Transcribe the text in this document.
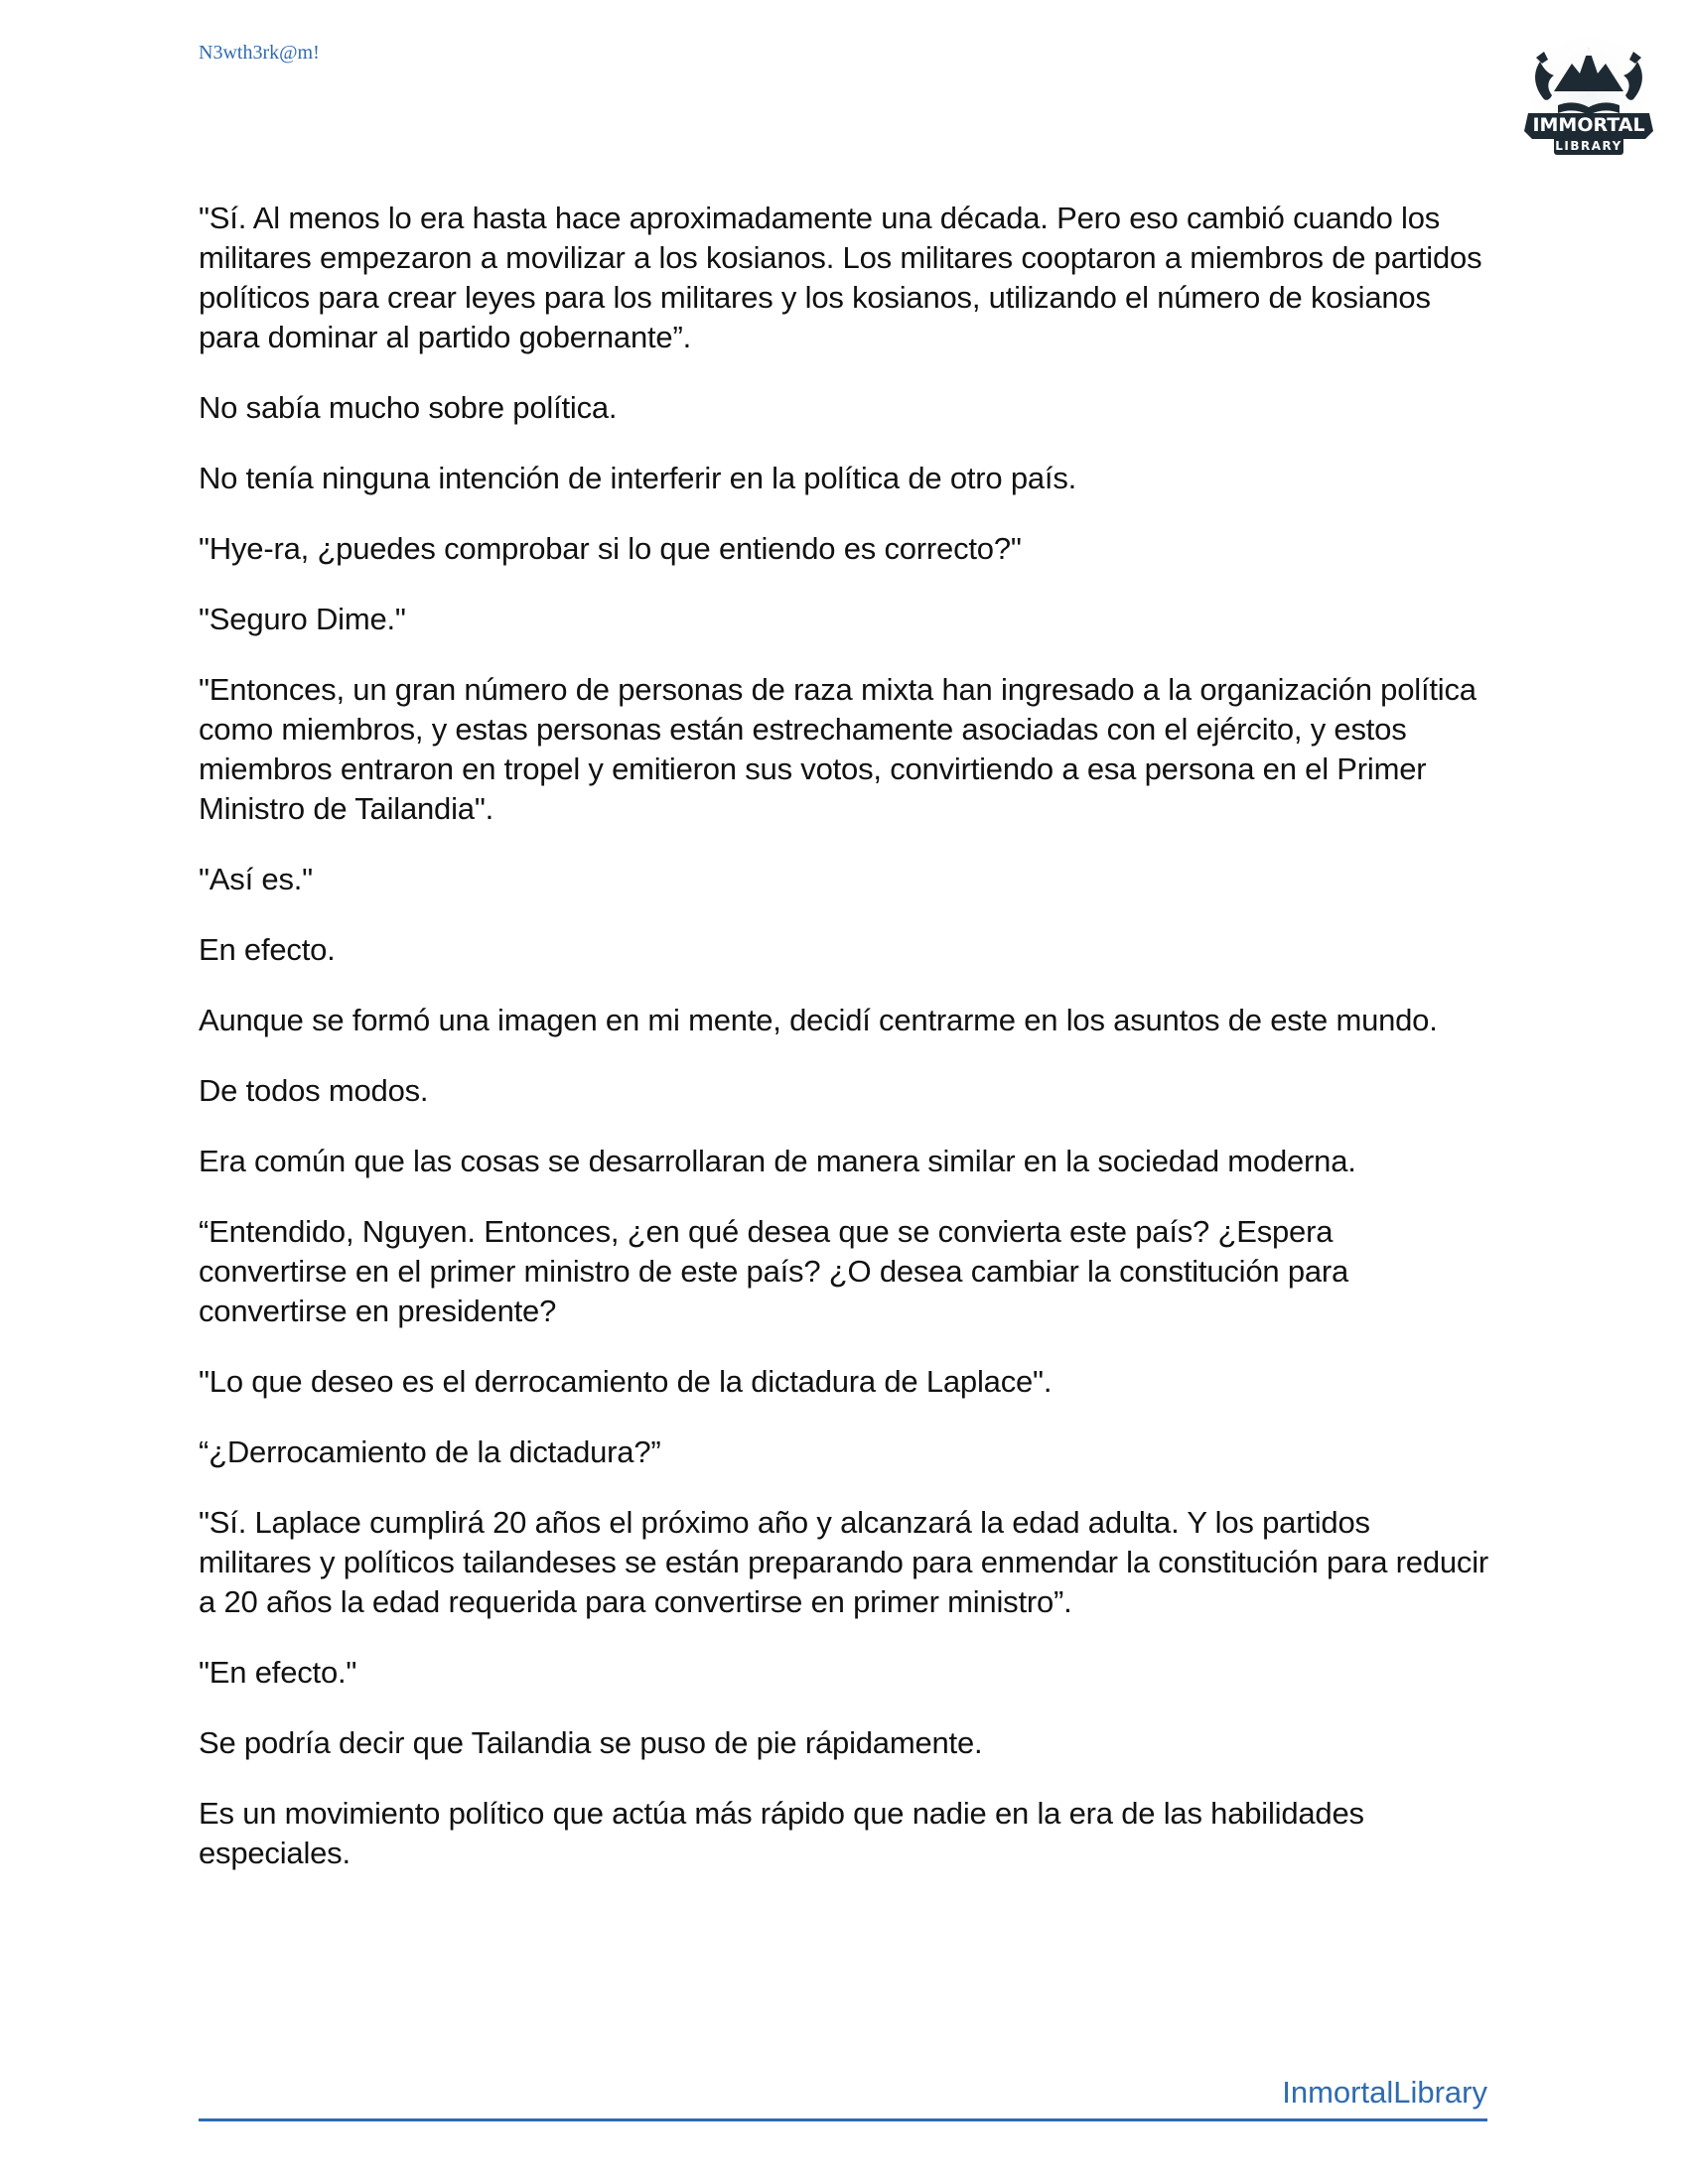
N3wth3rk@m!
IMMORTAL
LIBRARY

"Sí. Al menos lo era hasta hace aproximadamente una década. Pero eso cambió cuando los militares empezaron a movilizar a los kosianos. Los militares cooptaron a miembros de partidos políticos para crear leyes para los militares y los kosianos, utilizando el número de kosianos para dominar al partido gobernante”.

No sabía mucho sobre política.

No tenía ninguna intención de interferir en la política de otro país.

"Hye-ra, ¿puedes comprobar si lo que entiendo es correcto?"

"Seguro Dime."

"Entonces, un gran número de personas de raza mixta han ingresado a la organización política como miembros, y estas personas están estrechamente asociadas con el ejército, y estos miembros entraron en tropel y emitieron sus votos, convirtiendo a esa persona en el Primer Ministro de Tailandia".

"Así es."

En efecto.

Aunque se formó una imagen en mi mente, decidí centrarme en los asuntos de este mundo.

De todos modos.

Era común que las cosas se desarrollaran de manera similar en la sociedad moderna.

“Entendido, Nguyen. Entonces, ¿en qué desea que se convierta este país? ¿Espera convertirse en el primer ministro de este país? ¿O desea cambiar la constitución para convertirse en presidente?

"Lo que deseo es el derrocamiento de la dictadura de Laplace".

“¿Derrocamiento de la dictadura?”

"Sí. Laplace cumplirá 20 años el próximo año y alcanzará la edad adulta. Y los partidos militares y políticos tailandeses se están preparando para enmendar la constitución para reducir a 20 años la edad requerida para convertirse en primer ministro”.

"En efecto."

Se podría decir que Tailandia se puso de pie rápidamente.

Es un movimiento político que actúa más rápido que nadie en la era de las habilidades especiales.

InmortalLibrary
